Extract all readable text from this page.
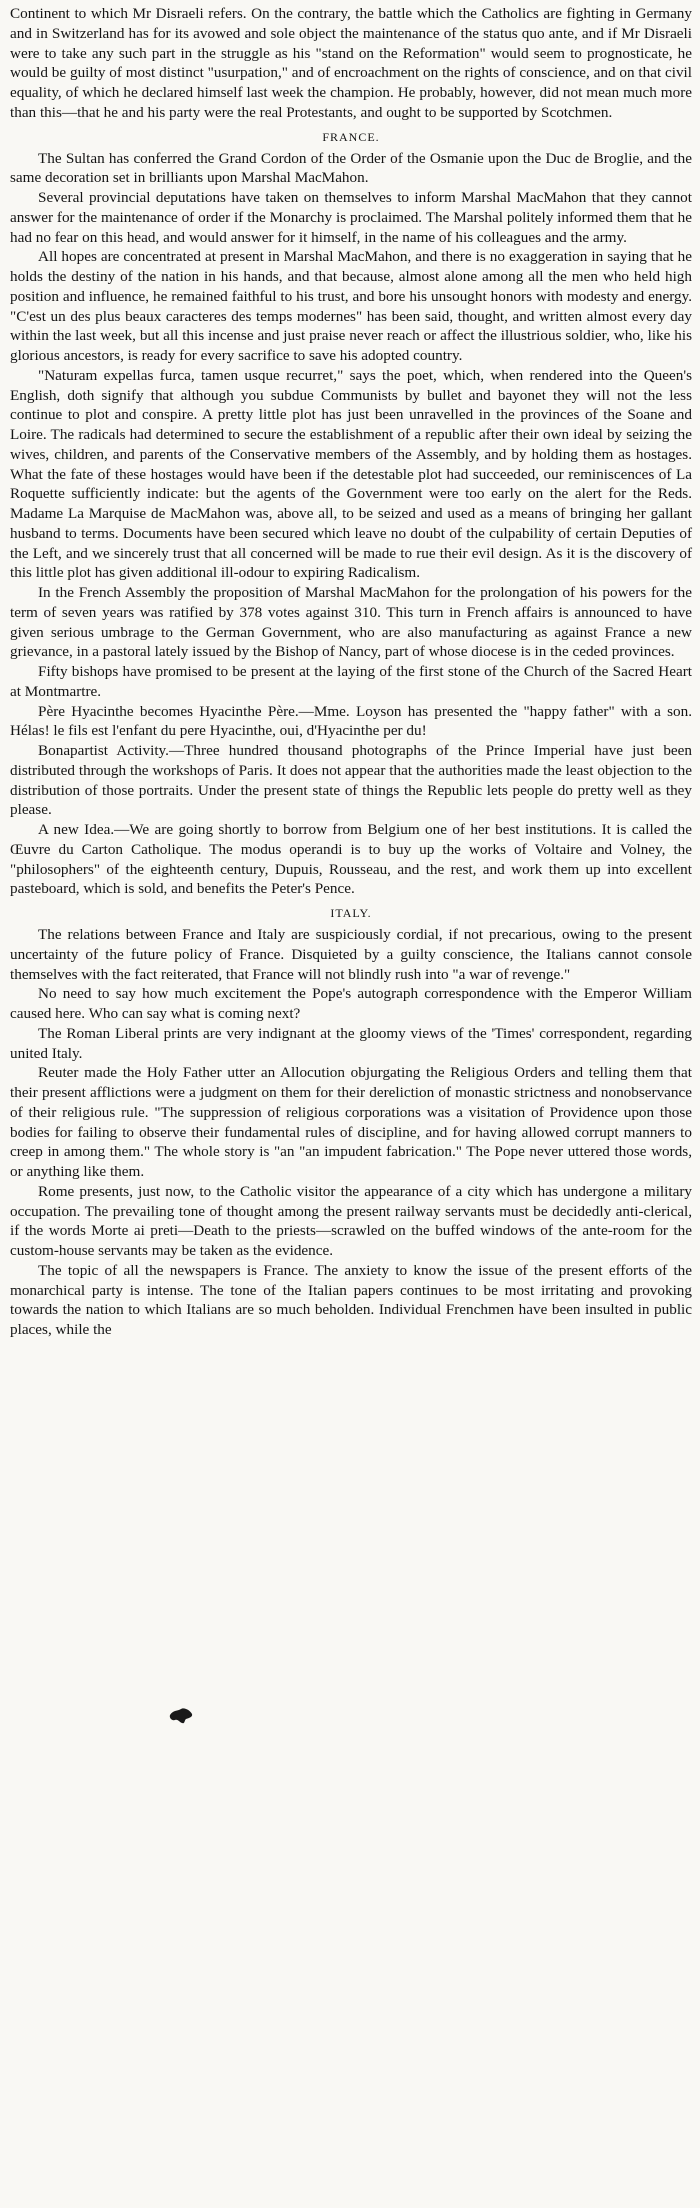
Continent to which Mr Disraeli refers. On the contrary, the battle which the Catholics are fighting in Germany and in Switzerland has for its avowed and sole object the maintenance of the status quo ante, and if Mr Disraeli were to take any such part in the struggle as his "stand on the Reformation" would seem to prognosticate, he would be guilty of most distinct "usurpation," and of encroachment on the rights of conscience, and on that civil equality, of which he declared himself last week the champion. He probably, however, did not mean much more than this—that he and his party were the real Protestants, and ought to be supported by Scotchmen.

FRANCE.

The Sultan has conferred the Grand Cordon of the Order of the Osmanie upon the Duc de Broglie, and the same decoration set in brilliants upon Marshal MacMahon.

Several provincial deputations have taken on themselves to inform Marshal MacMahon that they cannot answer for the maintenance of order if the Monarchy is proclaimed. The Marshal politely informed them that he had no fear on this head, and would answer for it himself, in the name of his colleagues and the army.

All hopes are concentrated at present in Marshal MacMahon, and there is no exaggeration in saying that he holds the destiny of the nation in his hands, and that because, almost alone among all the men who held high position and influence, he remained faithful to his trust, and bore his unsought honors with modesty and energy. "C'est un des plus beaux caracteres des temps modernes" has been said, thought, and written almost every day within the last week, but all this incense and just praise never reach or affect the illustrious soldier, who, like his glorious ancestors, is ready for every sacrifice to save his adopted country.

"Naturam expellas furca, tamen usque recurret," says the poet, which, when rendered into the Queen's English, doth signify that although you subdue Communists by bullet and bayonet they will not the less continue to plot and conspire. A pretty little plot has just been unravelled in the provinces of the Soane and Loire. The radicals had determined to secure the establishment of a republic after their own ideal by seizing the wives, children, and parents of the Conservative members of the Assembly, and by holding them as hostages. What the fate of these hostages would have been if the detestable plot had succeeded, our reminiscences of La Roquette sufficiently indicate: but the agents of the Government were too early on the alert for the Reds. Madame La Marquise de MacMahon was, above all, to be seized and used as a means of bringing her gallant husband to terms. Documents have been secured which leave no doubt of the culpability of certain Deputies of the Left, and we sincerely trust that all concerned will be made to rue their evil design. As it is the discovery of this little plot has given additional ill-odour to expiring Radicalism.

In the French Assembly the proposition of Marshal MacMahon for the prolongation of his powers for the term of seven years was ratified by 378 votes against 310. This turn in French affairs is announced to have given serious umbrage to the German Government, who are also manufacturing as against France a new grievance, in a pastoral lately issued by the Bishop of Nancy, part of whose diocese is in the ceded provinces.

Fifty bishops have promised to be present at the laying of the first stone of the Church of the Sacred Heart at Montmartre.

Père Hyacinthe becomes Hyacinthe Père.—Mme. Loyson has presented the "happy father" with a son. Hélas! le fils est l'enfant du pere Hyacinthe, oui, d'Hyacinthe per du!

Bonapartist Activity.—Three hundred thousand photographs of the Prince Imperial have just been distributed through the workshops of Paris. It does not appear that the authorities made the least objection to the distribution of those portraits. Under the present state of things the Republic lets people do pretty well as they please.

A new Idea.—We are going shortly to borrow from Belgium one of her best institutions. It is called the Œuvre du Carton Catholique. The modus operandi is to buy up the works of Voltaire and Volney, the "philosophers" of the eighteenth century, Dupuis, Rousseau, and the rest, and work them up into excellent pasteboard, which is sold, and benefits the Peter's Pence.

ITALY.

The relations between France and Italy are suspiciously cordial, if not precarious, owing to the present uncertainty of the future policy of France. Disquieted by a guilty conscience, the Italians cannot console themselves with the fact reiterated, that France will not blindly rush into "a war of revenge."

No need to say how much excitement the Pope's autograph correspondence with the Emperor William caused here. Who can say what is coming next?

The Roman Liberal prints are very indignant at the gloomy views of the 'Times' correspondent, regarding united Italy.

Reuter made the Holy Father utter an Allocution objurgating the Religious Orders and telling them that their present afflictions were a judgment on them for their dereliction of monastic strictness and nonobservance of their religious rule. "The suppression of religious corporations was a visitation of Providence upon those bodies for failing to observe their fundamental rules of discipline, and for having allowed corrupt manners to creep in among them." The whole story is "an "an impudent fabrication." The Pope never uttered those words, or anything like them.

Rome presents, just now, to the Catholic visitor the appearance of a city which has undergone a military occupation. The prevailing tone of thought among the present railway servants must be decidedly anti-clerical, if the words Morte ai preti—Death to the priests—scrawled on the buffed windows of the ante-room for the custom-house servants may be taken as the evidence.

The topic of all the newspapers is France. The anxiety to know the issue of the present efforts of the monarchical party is intense. The tone of the Italian papers continues to be most irritating and provoking towards the nation to which Italians are so much beholden. Individual Frenchmen have been insulted in public places, while the
